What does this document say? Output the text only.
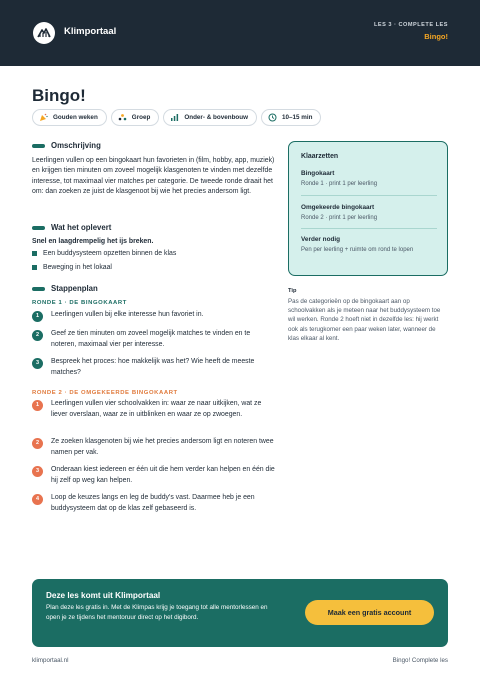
Klimportaal
LES 3 · COMPLETE LES
Bingo!
Bingo!
Gouden weken	Groep	Onder- & bovenbouw	10–15 min
Omschrijving
Leerlingen vullen op een bingokaart hun favorieten in (film, hobby, app, muziek) en krijgen tien minuten om zoveel mogelijk klasgenoten te vinden met dezelfde interesse, tot maximaal vier matches per categorie. De tweede ronde draait het om: dan zoeken ze juist de klasgenoot bij wie het precies andersom ligt.
Wat het oplevert
Snel en laagdrempelig het ijs breken.
Een buddysysteem opzetten binnen de klas
Beweging in het lokaal
Stappenplan
RONDE 1 · DE BINGOKAART
1	Leerlingen vullen bij elke interesse hun favoriet in.
2	Geef ze tien minuten om zoveel mogelijk matches te vinden en te noteren, maximaal vier per interesse.
3	Bespreek het proces: hoe makkelijk was het? Wie heeft de meeste matches?
RONDE 2 · DE OMGEKEERDE BINGOKAART
1	Leerlingen vullen vier schoolvakken in: waar ze naar uitkijken, wat ze liever overslaan, waar ze in uitblinken en waar ze op zwoegen.
2	Ze zoeken klasgenoten bij wie het precies andersom ligt en noteren twee namen per vak.
3	Onderaan kiest iedereen er één uit die hem verder kan helpen en één die hij zelf op weg kan helpen.
4	Loop de keuzes langs en leg de buddy's vast. Daarmee heb je een buddysysteem dat op de klas zelf gebaseerd is.
Klaarzetten
Bingokaart
Ronde 1 · print 1 per leerling
Omgekeerde bingokaart
Ronde 2 · print 1 per leerling
Verder nodig
Pen per leerling + ruimte om rond te lopen
Tip
Pas de categorieën op de bingokaart aan op schoolvakken als je meteen naar het buddysysteem toe wil werken. Ronde 2 hoeft niet in dezelfde les: hij werkt ook als terugkomer een paar weken later, wanneer de klas elkaar al kent.
Deze les komt uit Klimportaal
Plan deze les gratis in. Met de Klimpas krijg je toegang tot alle mentorlessen en open je ze tijdens het mentoruur direct op het digibord.
Maak een gratis account
klimportaal.nl	Bingo! Complete les
